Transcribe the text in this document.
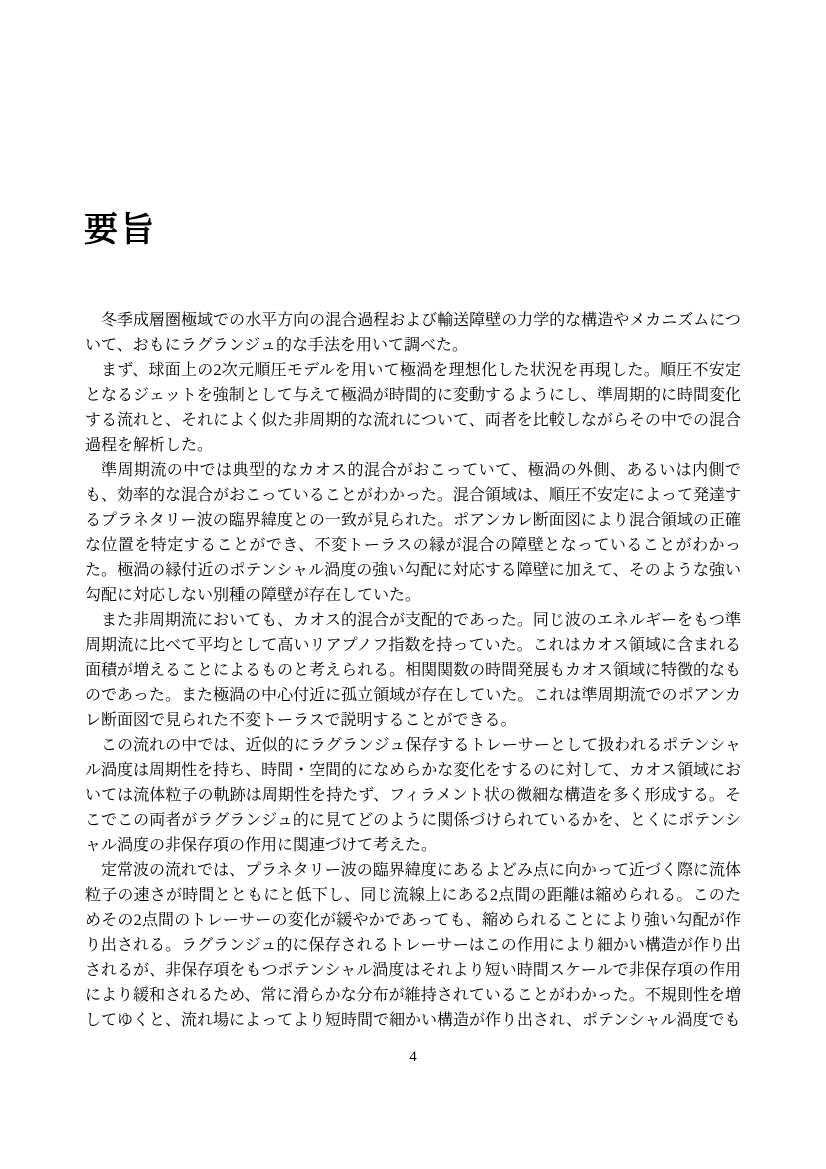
要旨

冬季成層圏極域での水平方向の混合過程および輸送障壁の力学的な構造やメカニズムについて、おもにラグランジュ的な手法を用いて調べた。

まず、球面上の2次元順圧モデルを用いて極渦を理想化した状況を再現した。順圧不安定となるジェットを強制として与えて極渦が時間的に変動するようにし、準周期的に時間変化する流れと、それによく似た非周期的な流れについて、両者を比較しながらその中での混合過程を解析した。

準周期流の中では典型的なカオス的混合がおこっていて、極渦の外側、あるいは内側でも、効率的な混合がおこっていることがわかった。混合領域は、順圧不安定によって発達するプラネタリー波の臨界緯度との一致が見られた。ポアンカレ断面図により混合領域の正確な位置を特定することができ、不変トーラスの縁が混合の障壁となっていることがわかった。極渦の縁付近のポテンシャル渦度の強い勾配に対応する障壁に加えて、そのような強い勾配に対応しない別種の障壁が存在していた。

また非周期流においても、カオス的混合が支配的であった。同じ波のエネルギーをもつ準周期流に比べて平均として高いリアプノフ指数を持っていた。これはカオス領域に含まれる面積が増えることによるものと考えられる。相関関数の時間発展もカオス領域に特徴的なものであった。また極渦の中心付近に孤立領域が存在していた。これは準周期流でのポアンカレ断面図で見られた不変トーラスで説明することができる。

この流れの中では、近似的にラグランジュ保存するトレーサーとして扱われるポテンシャル渦度は周期性を持ち、時間・空間的になめらかな変化をするのに対して、カオス領域においては流体粒子の軌跡は周期性を持たず、フィラメント状の微細な構造を多く形成する。そこでこの両者がラグランジュ的に見てどのように関係づけられているかを、とくにポテンシャル渦度の非保存項の作用に関連づけて考えた。

定常波の流れでは、プラネタリー波の臨界緯度にあるよどみ点に向かって近づく際に流体粒子の速さが時間とともにと低下し、同じ流線上にある2点間の距離は縮められる。このためその2点間のトレーサーの変化が緩やかであっても、縮められることにより強い勾配が作り出される。ラグランジュ的に保存されるトレーサーはこの作用により細かい構造が作り出されるが、非保存項をもつポテンシャル渦度はそれより短い時間スケールで非保存項の作用により緩和されるため、常に滑らかな分布が維持されていることがわかった。不規則性を増してゆくと、流れ場によってより短時間で細かい構造が作り出され、ポテンシャル渦度でも

4
